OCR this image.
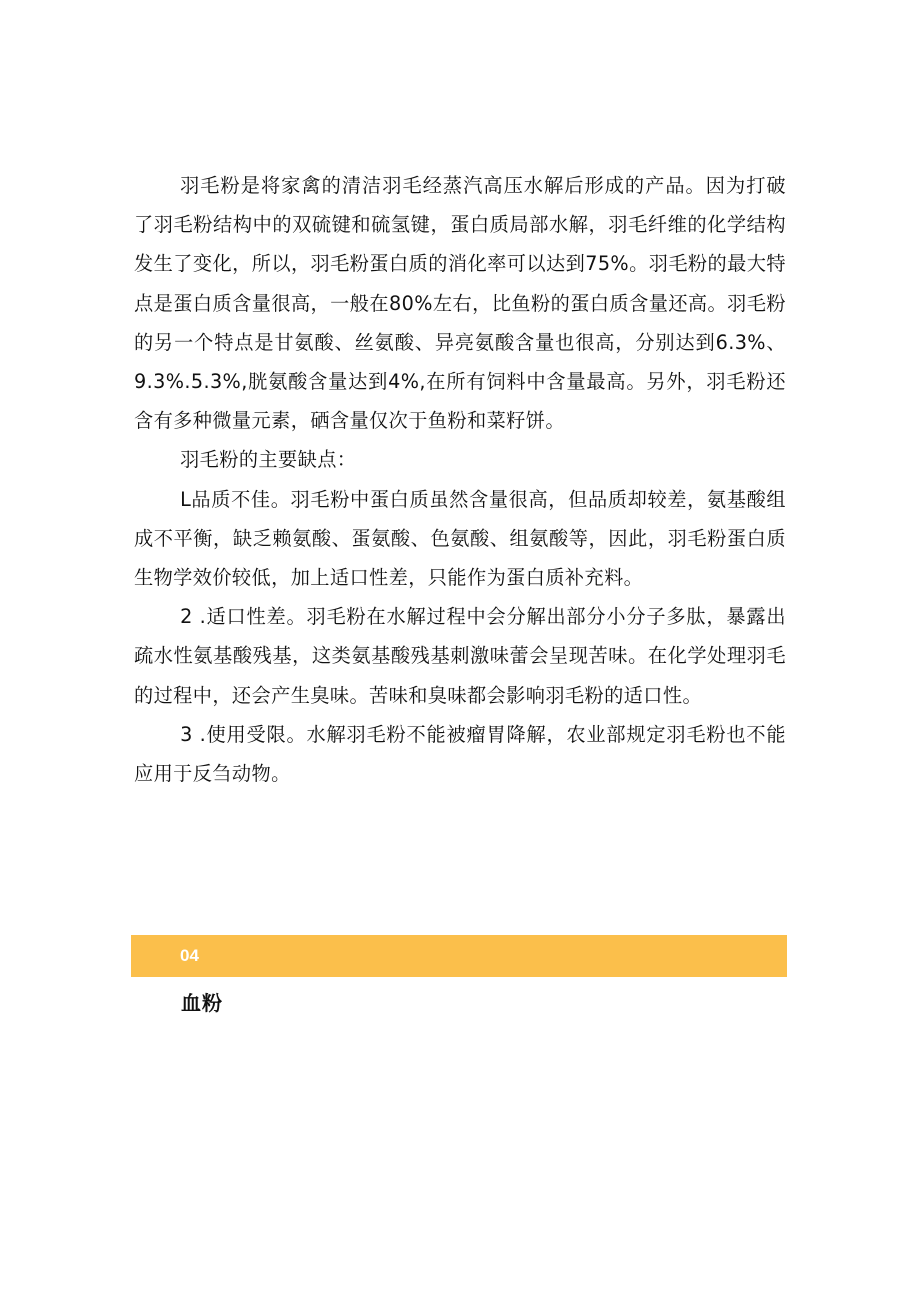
羽毛粉是将家禽的清洁羽毛经蒸汽高压水解后形成的产品。因为打破了羽毛粉结构中的双硫键和硫氢键，蛋白质局部水解，羽毛纤维的化学结构发生了变化，所以，羽毛粉蛋白质的消化率可以达到75%。羽毛粉的最大特点是蛋白质含量很高，一般在80%左右，比鱼粉的蛋白质含量还高。羽毛粉的另一个特点是甘氨酸、丝氨酸、异亮氨酸含量也很高，分别达到6.3%、9.3%.5.3%,胱氨酸含量达到4%,在所有饲料中含量最高。另外，羽毛粉还含有多种微量元素，硒含量仅次于鱼粉和菜籽饼。

羽毛粉的主要缺点：

L品质不佳。羽毛粉中蛋白质虽然含量很高，但品质却较差，氨基酸组成不平衡，缺乏赖氨酸、蛋氨酸、色氨酸、组氨酸等，因此，羽毛粉蛋白质生物学效价较低，加上适口性差，只能作为蛋白质补充料。

2 .适口性差。羽毛粉在水解过程中会分解出部分小分子多肽，暴露出疏水性氨基酸残基，这类氨基酸残基刺激味蕾会呈现苦味。在化学处理羽毛的过程中，还会产生臭味。苦味和臭味都会影响羽毛粉的适口性。

3 .使用受限。水解羽毛粉不能被瘤胃降解，农业部规定羽毛粉也不能应用于反刍动物。

04
血粉
